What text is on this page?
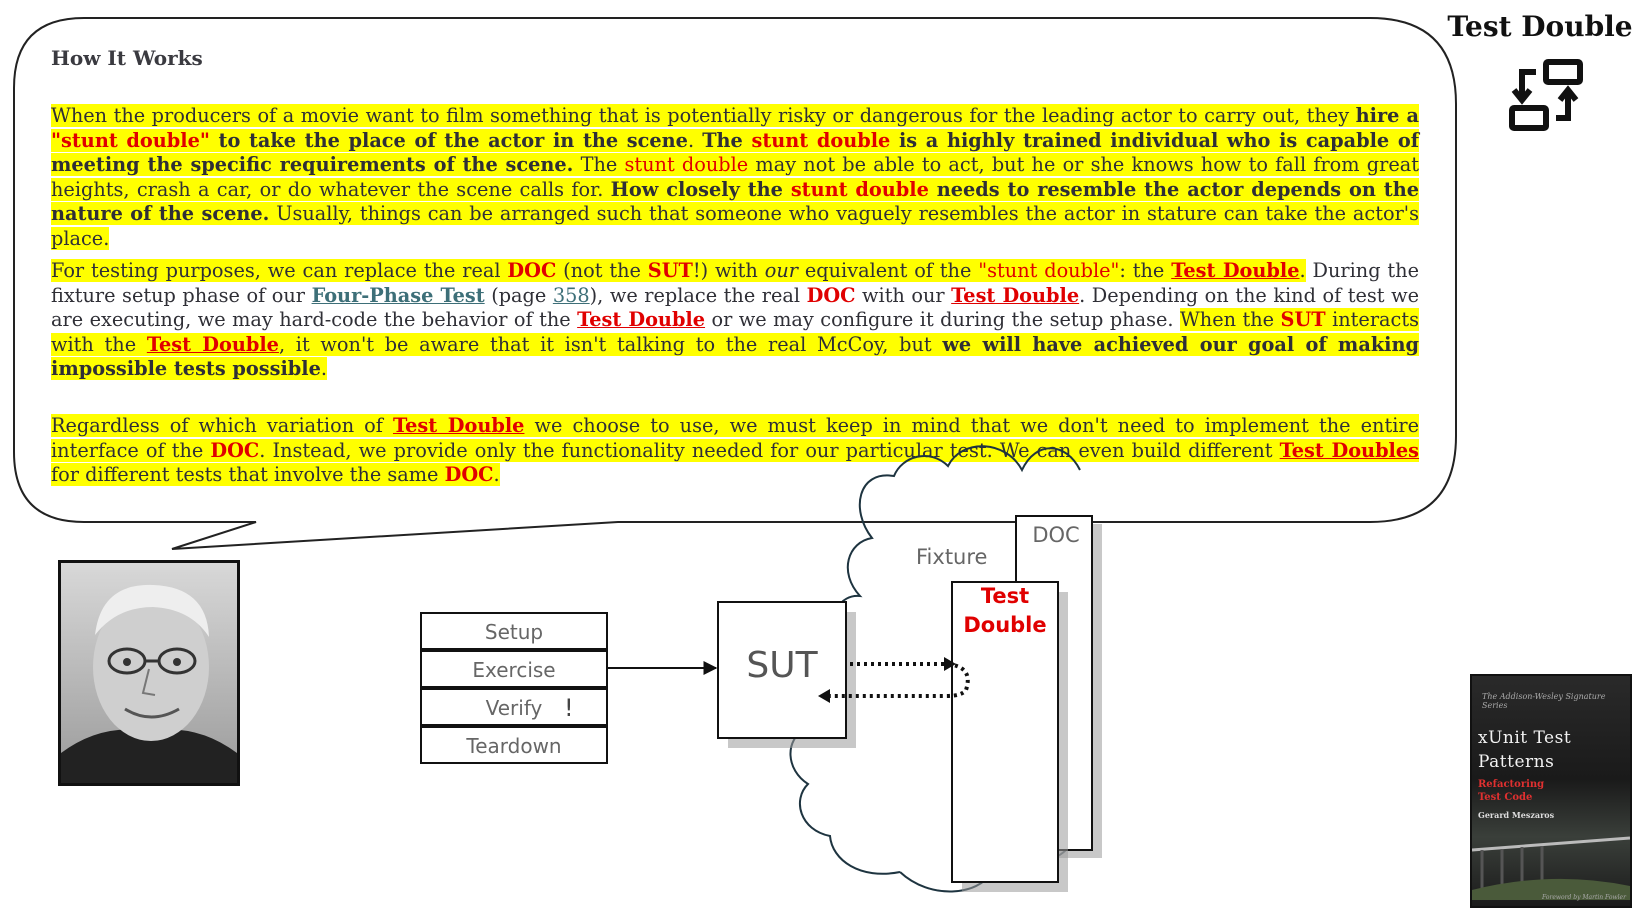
How It Works

When the producers of a movie want to film something that is potentially risky or dangerous for the leading actor to carry out, they hire a "stunt double" to take the place of the actor in the scene. The stunt double is a highly trained individual who is capable of meeting the specific requirements of the scene. The stunt double may not be able to act, but he or she knows how to fall from great heights, crash a car, or do whatever the scene calls for. How closely the stunt double needs to resemble the actor depends on the nature of the scene. Usually, things can be arranged such that someone who vaguely resembles the actor in stature can take the actor's place.

For testing purposes, we can replace the real DOC (not the SUT!) with our equivalent of the "stunt double": the Test Double. During the fixture setup phase of our Four-Phase Test (page 358), we replace the real DOC with our Test Double. Depending on the kind of test we are executing, we may hard-code the behavior of the Test Double or we may configure it during the setup phase. When the SUT interacts with the Test Double, it won't be aware that it isn't talking to the real McCoy, but we will have achieved our goal of making impossible tests possible.

Regardless of which variation of Test Double we choose to use, we must keep in mind that we don't need to implement the entire interface of the DOC. Instead, we provide only the functionality needed for our particular test. We can even build different Test Doubles for different tests that involve the same DOC.

Test Double
Setup
Exercise
Verify !
Teardown
SUT
Fixture
DOC
Test
Double
The Addison-Wesley Signature Series
xUnit Test
Patterns
Refactoring
Test Code
Gerard Meszaros
Foreword by Martin Fowler
